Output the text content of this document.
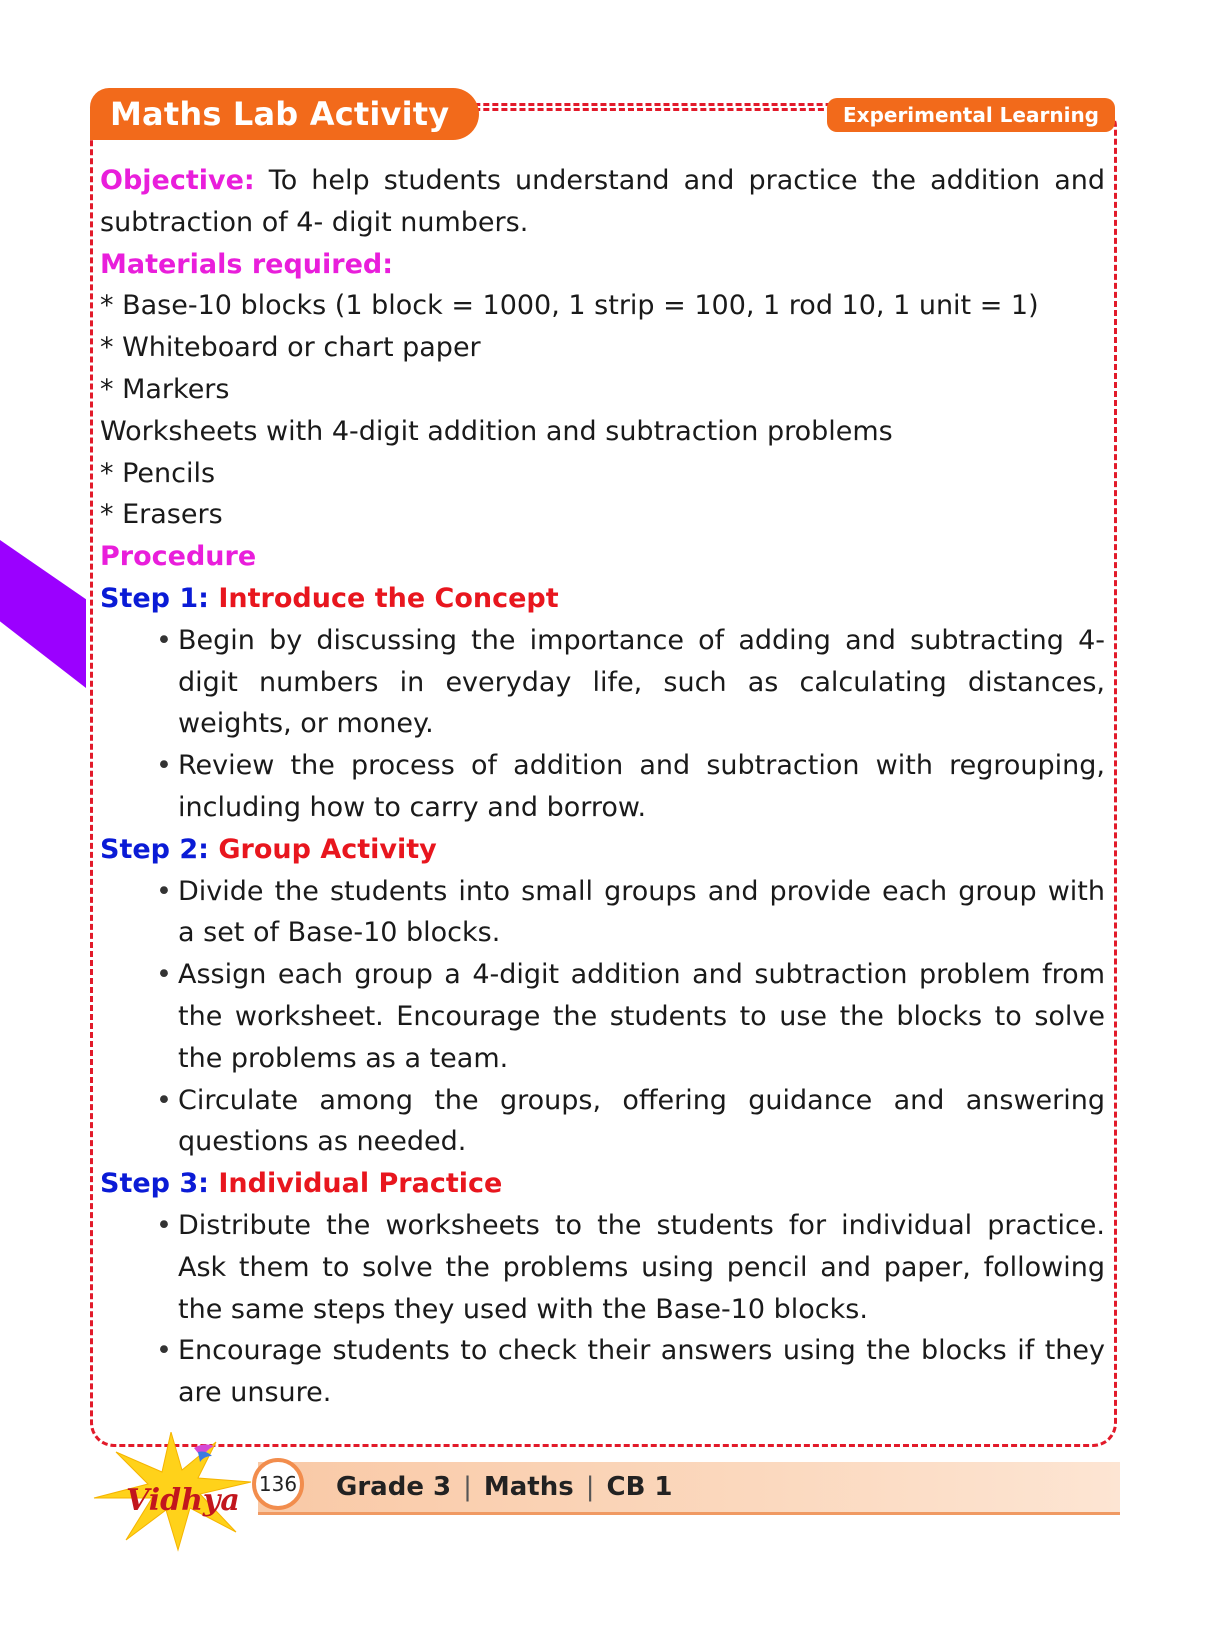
Maths Lab Activity	Experimental Learning

Objective: To help students understand and practice the addition and subtraction of 4- digit numbers.

Materials required:

* Base-10 blocks (1 block = 1000, 1 strip = 100, 1 rod 10, 1 unit = 1)

* Whiteboard or chart paper

* Markers

Worksheets with 4-digit addition and subtraction problems

* Pencils

* Erasers

Procedure

Step 1: Introduce the Concept

• Begin by discussing the importance of adding and subtracting 4-digit numbers in everyday life, such as calculating distances, weights, or money.
• Review the process of addition and subtraction with regrouping, including how to carry and borrow.

Step 2: Group Activity

• Divide the students into small groups and provide each group with a set of Base-10 blocks.
• Assign each group a 4-digit addition and subtraction problem from the worksheet. Encourage the students to use the blocks to solve the problems as a team.
• Circulate among the groups, offering guidance and answering questions as needed.

Step 3: Individual Practice

• Distribute the worksheets to the students for individual practice. Ask them to solve the problems using pencil and paper, following the same steps they used with the Base-10 blocks.
• Encourage students to check their answers using the blocks if they are unsure.
Vidhya 136 Grade 3 | Maths | CB 1
